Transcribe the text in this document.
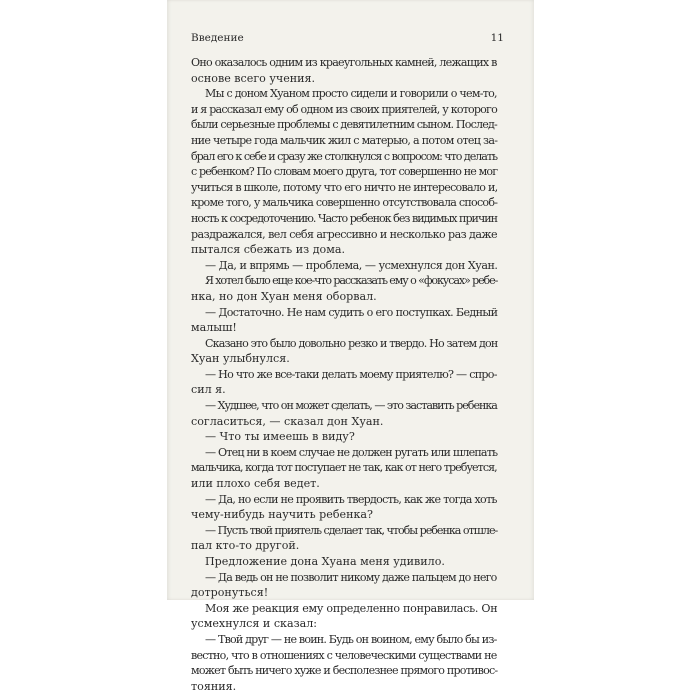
Введение	11
Оно оказалось одним из краеугольных камней, лежащих в
основе всего учения.
Мы с доном Хуаном просто сидели и говорили о чем-то,
и я рассказал ему об одном из своих приятелей, у которого
были серьезные проблемы с девятилетним сыном. Послед-
ние четыре года мальчик жил с матерью, а потом отец за-
брал его к себе и сразу же столкнулся с вопросом: что делать
с ребенком? По словам моего друга, тот совершенно не мог
учиться в школе, потому что его ничто не интересовало и,
кроме того, у мальчика совершенно отсутствовала способ-
ность к сосредоточению. Часто ребенок без видимых причин
раздражался, вел себя агрессивно и несколько раз даже
пытался сбежать из дома.
— Да, и впрямь — проблема, — усмехнулся дон Хуан.
Я хотел было еще кое-что рассказать ему о «фокусах» ребе-
нка, но дон Хуан меня оборвал.
— Достаточно. Не нам судить о его поступках. Бедный
малыш!
Сказано это было довольно резко и твердо. Но затем дон
Хуан улыбнулся.
— Но что же все-таки делать моему приятелю? — спро-
сил я.
— Худшее, что он может сделать, — это заставить ребенка
согласиться, — сказал дон Хуан.
— Что ты имеешь в виду?
— Отец ни в коем случае не должен ругать или шлепать
мальчика, когда тот поступает не так, как от него требуется,
или плохо себя ведет.
— Да, но если не проявить твердость, как же тогда хоть
чему-нибудь научить ребенка?
— Пусть твой приятель сделает так, чтобы ребенка отшле-
пал кто-то другой.
Предложение дона Хуана меня удивило.
— Да ведь он не позволит никому даже пальцем до него
дотронуться!
Моя же реакция ему определенно понравилась. Он
усмехнулся и сказал:
— Твой друг — не воин. Будь он воином, ему было бы из-
вестно, что в отношениях с человеческими существами не
может быть ничего хуже и бесполезнее прямого противос-
тояния.
